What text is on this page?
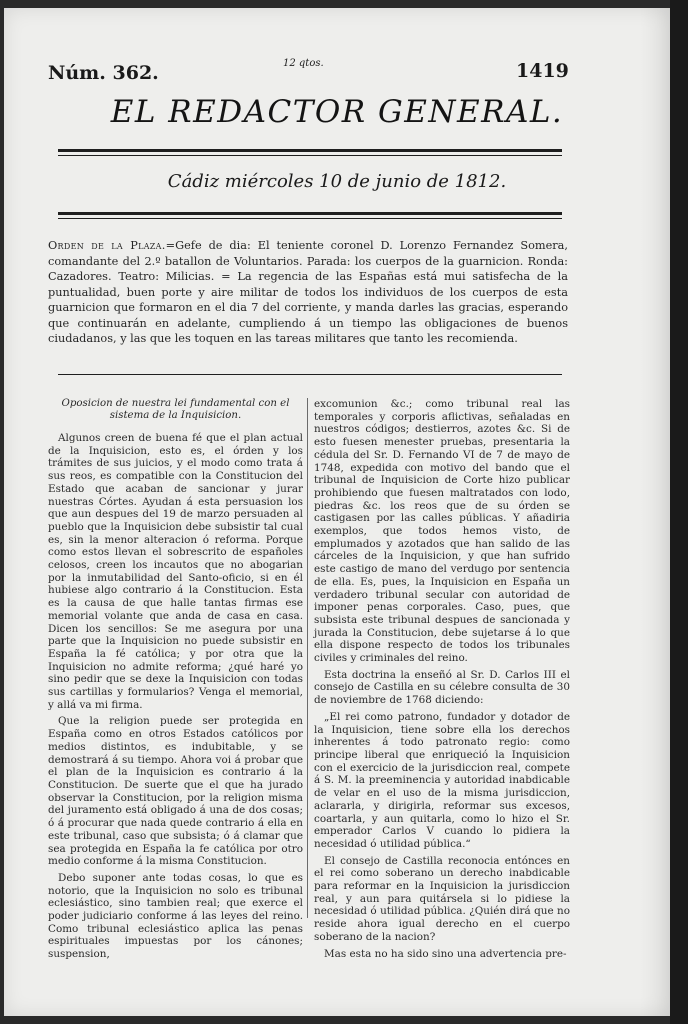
Núm. 362.	12 qtos.	1419
EL REDACTOR GENERAL.
Cádiz miércoles 10 de junio de 1812.
Orden de la Plaza.=Gefe de dia: El teniente coronel D. Lorenzo Fernandez Somera, comandante del 2.º batallon de Voluntarios. Parada: los cuerpos de la guarnicion. Ronda: Cazadores. Teatro: Milicias. = La regencia de las Españas está mui satisfecha de la puntualidad, buen porte y aire militar de todos los individuos de los cuerpos de esta guarnicion que formaron en el dia 7 del corriente, y manda darles las gracias, esperando que continuarán en adelante, cumpliendo á un tiempo las obligaciones de buenos ciudadanos, y las que les toquen en las tareas militares que tanto les recomienda.
Oposicion de nuestra lei fundamental con el sistema de la Inquisicion.

Algunos creen de buena fé que el plan actual de la Inquisicion, esto es, el órden y los trámites de sus juicios, y el modo como trata á sus reos, es compatible con la Constitucion del Estado que acaban de sancionar y jurar nuestras Córtes. Ayudan á esta persuasion los que aun despues del 19 de marzo persuaden al pueblo que la Inquisicion debe subsistir tal cual es, sin la menor alteracion ó reforma. Porque como estos llevan el sobrescrito de españoles celosos, creen los incautos que no abogarian por la inmutabilidad del Santo-oficio, si en él hubiese algo contrario á la Constitucion. Esta es la causa de que halle tantas firmas ese memorial volante que anda de casa en casa. Dicen los sencillos: Se me asegura por una parte que la Inquisicion no puede subsistir en España la fé católica; y por otra que la Inquisicion no admite reforma; ¿qué haré yo sino pedir que se dexe la Inquisicion con todas sus cartillas y formularios? Venga el memorial, y allá va mi firma.

Que la religion puede ser protegida en España como en otros Estados católicos por medios distintos, es indubitable, y se demostrará á su tiempo. Ahora voi á probar que el plan de la Inquisicion es contrario á la Constitucion. De suerte que el que ha jurado observar la Constitucion, por la religion misma del juramento está obligado á una de dos cosas; ó á procurar que nada quede contrario á ella en este tribunal, caso que subsista; ó á clamar que sea protegida en España la fe católica por otro medio conforme á la misma Constitucion.

Debo suponer ante todas cosas, lo que es notorio, que la Inquisicion no solo es tribunal eclesiástico, sino tambien real; que exerce el poder judiciario conforme á las leyes del reino. Como tribunal eclesiástico aplica las penas espirituales impuestas por los cánones; suspension,

excomunion &c.; como tribunal real las temporales y corporis aflictivas, señaladas en nuestros códigos; destierros, azotes &c. Si de esto fuesen menester pruebas, presentaria la cédula del Sr. D. Fernando VI de 7 de mayo de 1748, expedida con motivo del bando que el tribunal de Inquisicion de Corte hizo publicar prohibiendo que fuesen maltratados con lodo, piedras &c. los reos que de su órden se castigasen por las calles públicas. Y añadiria exemplos, que todos hemos visto, de emplumados y azotados que han salido de las cárceles de la Inquisicion, y que han sufrido este castigo de mano del verdugo por sentencia de ella. Es, pues, la Inquisicion en España un verdadero tribunal secular con autoridad de imponer penas corporales. Caso, pues, que subsista este tribunal despues de sancionada y jurada la Constitucion, debe sujetarse á lo que ella dispone respecto de todos los tribunales civiles y criminales del reino.

Esta doctrina la enseñó al Sr. D. Carlos III el consejo de Castilla en su célebre consulta de 30 de noviembre de 1768 diciendo:

„El rei como patrono, fundador y dotador de la Inquisicion, tiene sobre ella los derechos inherentes á todo patronato regio: como principe liberal que enriqueció la Inquisicion con el exercicio de la jurisdiccion real, compete á S. M. la preeminencia y autoridad inabdicable de velar en el uso de la misma jurisdiccion, aclararla, y dirigirla, reformar sus excesos, coartarla, y aun quitarla, como lo hizo el Sr. emperador Carlos V cuando lo pidiera la necesidad ó utilidad pública.“

El consejo de Castilla reconocia entónces en el rei como soberano un derecho inabdicable para reformar en la Inquisicion la jurisdiccion real, y aun para quitársela si lo pidiese la necesidad ó utilidad pública. ¿Quién dirá que no reside ahora igual derecho en el cuerpo soberano de la nacion?

Mas esta no ha sido sino una advertencia pre-
